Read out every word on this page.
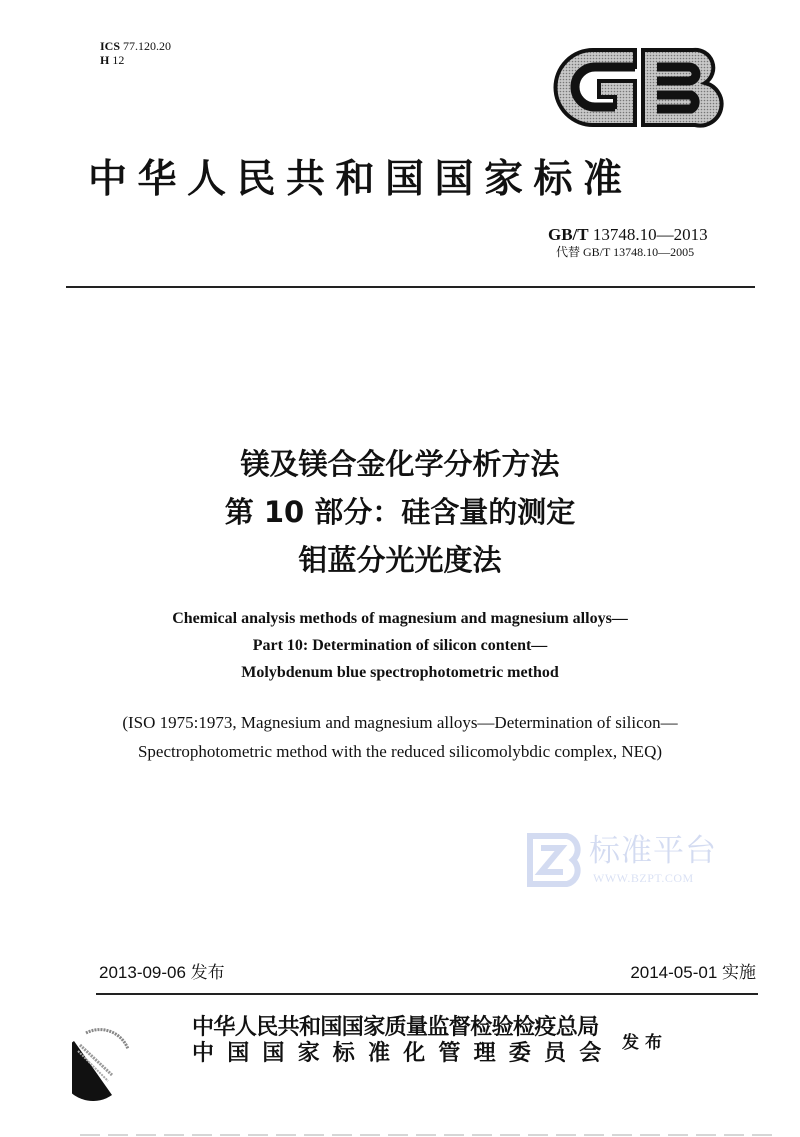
ICS 77.120.20
H 12
中华人民共和国国家标准
GB/T 13748.10—2013
代替 GB/T 13748.10—2005
镁及镁合金化学分析方法
第 10 部分：硅含量的测定
钼蓝分光光度法
Chemical analysis methods of magnesium and magnesium alloys—
Part 10: Determination of silicon content—
Molybdenum blue spectrophotometric method
(ISO 1975:1973, Magnesium and magnesium alloys—Determination of silicon—
Spectrophotometric method with the reduced silicomolybdic complex, NEQ)
标准平台
WWW.BZPT.COM
2013-09-06 发布	2014-05-01 实施
中华人民共和国国家质量监督检验检疫总局
中国国家标准化管理委员会 发布
